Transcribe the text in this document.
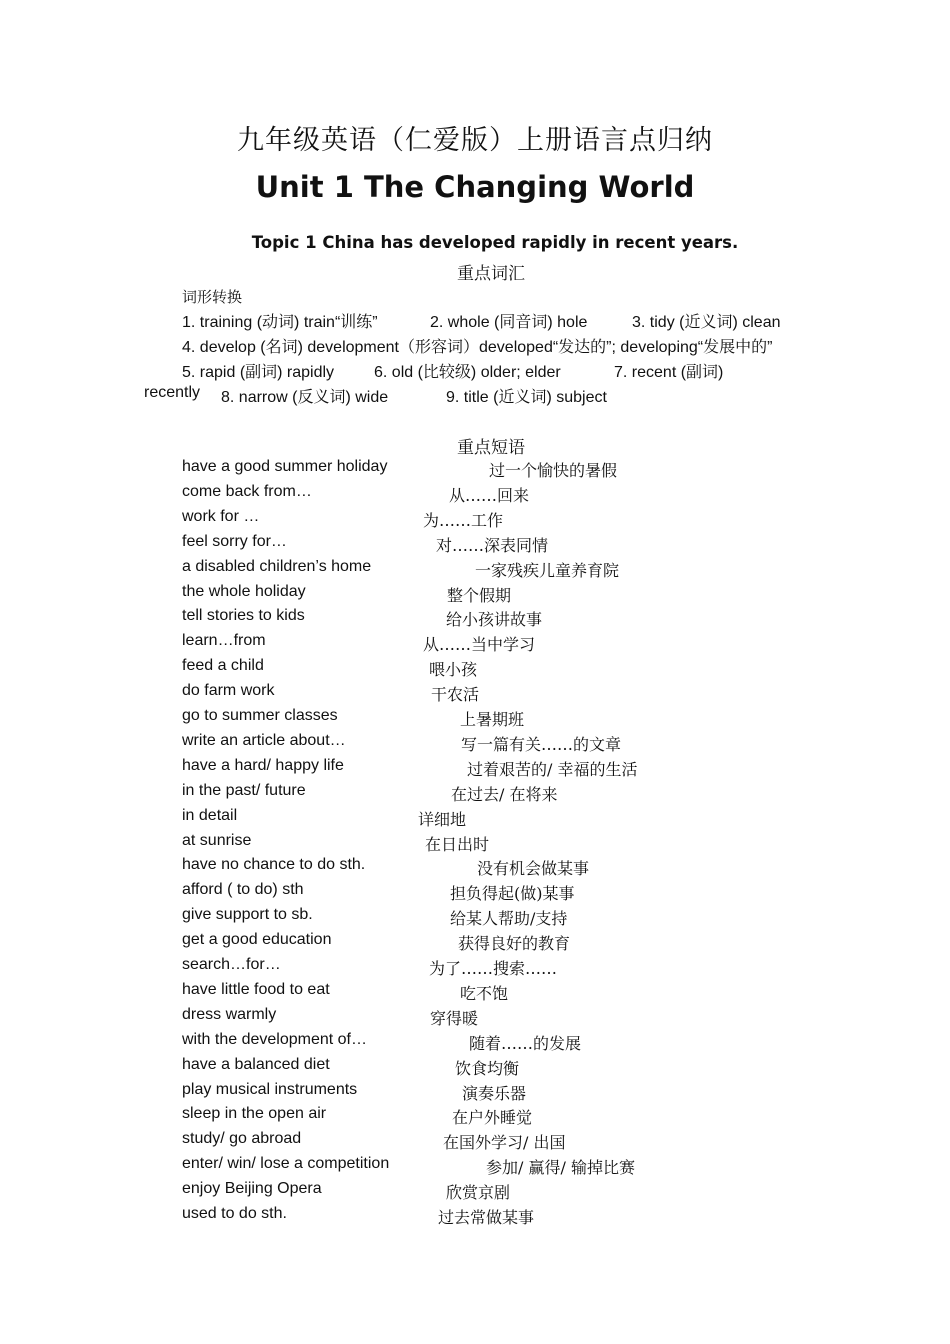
九年级英语（仁爱版）上册语言点归纳
Unit 1 The Changing World
Topic 1 China has developed rapidly in recent years.
重点词汇
词形转换
1. training (动词) train“训练”	2. whole (同音词) hole	3. tidy (近义词) clean
4. develop (名词) development（形容词）developed“发达的”; developing“发展中的”
5. rapid (副词) rapidly 6. old (比较级) older; elder	7. recent (副词)
recently 8. narrow (反义词) wide	9. title (近义词) subject
重点短语
have a good summer holiday	过一个愉快的暑假
come back from…	从……回来
work for …	为……工作
feel sorry for…	对……深表同情
a disabled children’s home	一家残疾儿童养育院
the whole holiday	整个假期
tell stories to kids	给小孩讲故事
learn…from	从……当中学习
feed a child	喂小孩
do farm work	干农活
go to summer classes	上暑期班
write an article about…	写一篇有关……的文章
have a hard/ happy life	过着艰苦的/ 幸福的生活
in the past/ future	在过去/ 在将来
in detail	详细地
at sunrise	在日出时
have no chance to do sth.	没有机会做某事
afford ( to do) sth	担负得起(做)某事
give support to sb.	给某人帮助/支持
get a good education	获得良好的教育
search…for…	为了……搜索……
have little food to eat	吃不饱
dress warmly	穿得暖
with the development of…	随着……的发展
have a balanced diet	饮食均衡
play musical instruments	演奏乐器
sleep in the open air	在户外睡觉
study/ go abroad	在国外学习/ 出国
enter/ win/ lose a competition	参加/ 赢得/ 输掉比赛
enjoy Beijing Opera	欣赏京剧
used to do sth.	过去常做某事
